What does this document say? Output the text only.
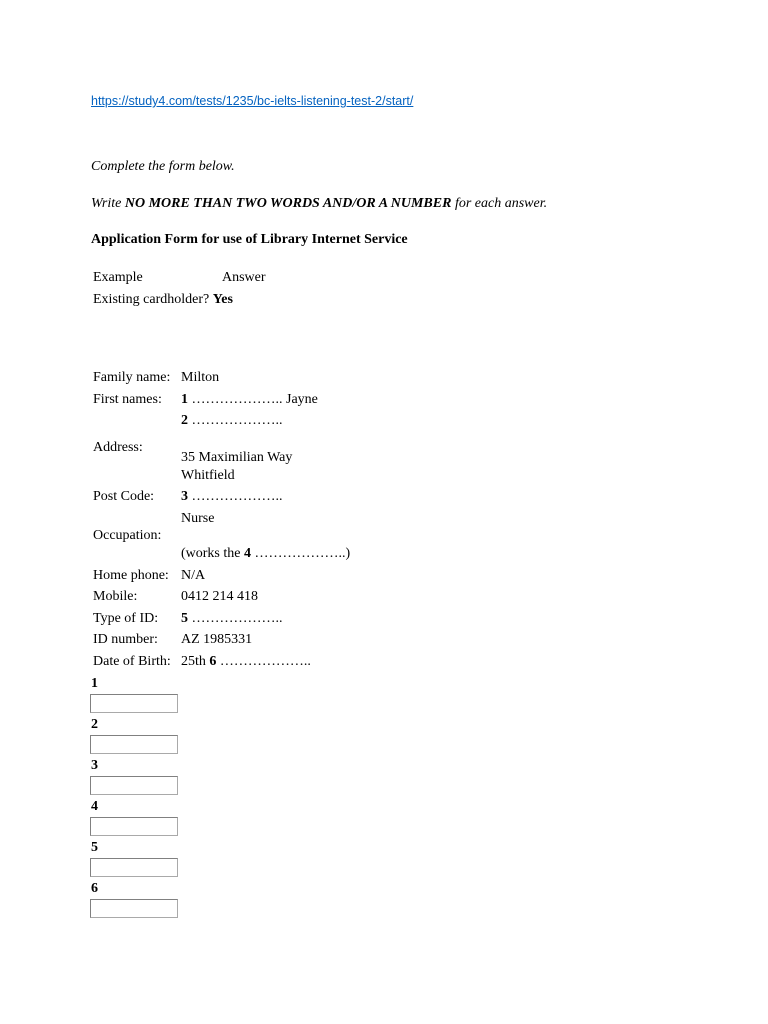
https://study4.com/tests/1235/bc-ielts-listening-test-2/start/
Complete the form below.
Write NO MORE THAN TWO WORDS AND/OR A NUMBER for each answer.
Application Form for use of Library Internet Service
Example	Answer
Existing cardholder? Yes
Family name: Milton
First names: 1 ……………….. Jayne
2 ………………..
Address:
35 Maximilian Way
Whitfield
Post Code: 3 ………………..
Nurse
Occupation:
(works the 4 ………………..)
Home phone: N/A
Mobile:	0412 214 418
Type of ID: 5 ………………..
ID number: AZ 1985331
Date of Birth: 25th 6 ………………..
1
2
3
4
5
6
